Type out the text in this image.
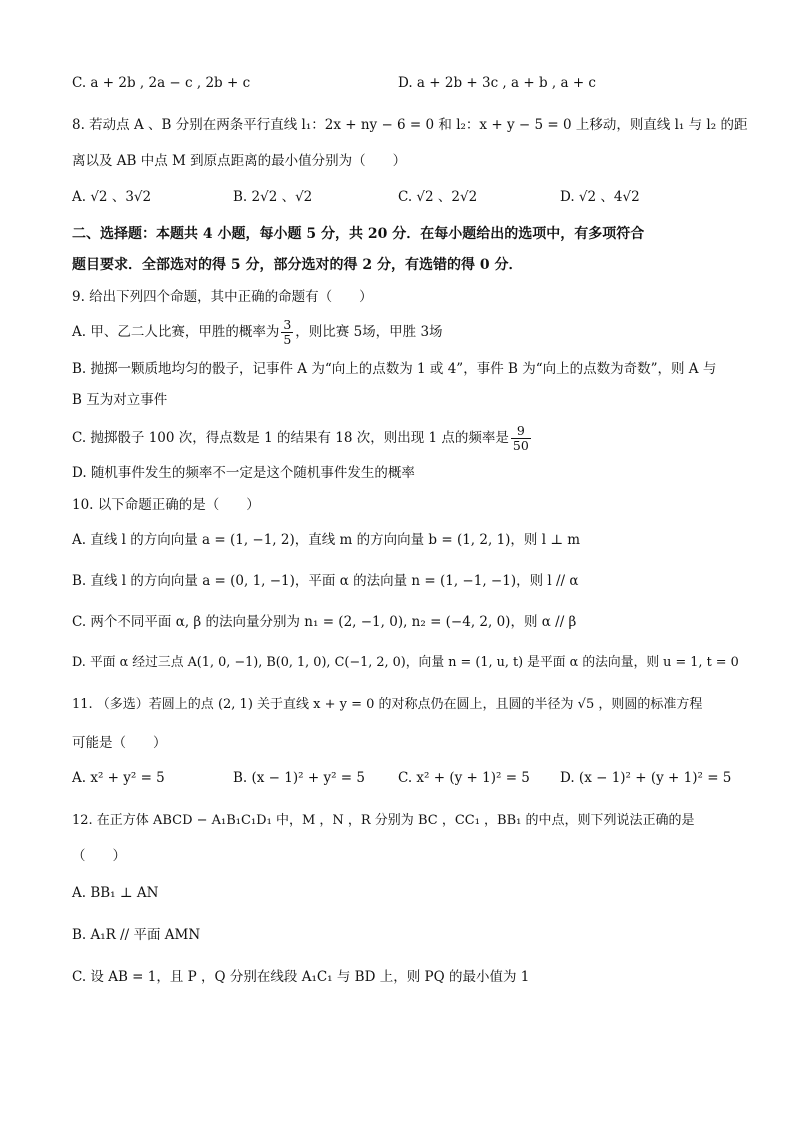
C. a + 2b , 2a − c , 2b + c	D. a + 2b + 3c , a + b , a + c
8. 若动点 A 、B 分别在两条平行直线 l₁：2x + ny − 6 = 0 和 l₂：x + y − 5 = 0 上移动，则直线 l₁ 与 l₂ 的距
离以及 AB 中点 M 到原点距离的最小值分别为（　　）
A. √2 、3√2	B. 2√2 、√2	C. √2 、2√2	D. √2 、4√2
二、选择题：本题共 4 小题，每小题 5 分，共 20 分．在每小题给出的选项中，有多项符合
题目要求．全部选对的得 5 分，部分选对的得 2 分，有选错的得 0 分．
9. 给出下列四个命题，其中正确的命题有（　　）
A. 甲、乙二人比赛，甲胜的概率为 $\frac{3}{5}$ ，则比赛 5场，甲胜 3场
B. 抛掷一颗质地均匀的骰子，记事件 A 为“向上的点数为 1 或 4”，事件 B 为“向上的点数为奇数”，则 A 与
B 互为对立事件
C. 抛掷骰子 100 次，得点数是 1 的结果有 18 次，则出现 1 点的频率是 $\frac{9}{50}$
D. 随机事件发生的频率不一定是这个随机事件发生的概率
10. 以下命题正确的是（　　）
A. 直线 l 的方向向量 a = (1, −1, 2)，直线 m 的方向向量 b = (1, 2, 1)，则 l ⊥ m
B. 直线 l 的方向向量 a = (0, 1, −1)，平面 α 的法向量 n = (1, −1, −1)，则 l // α
C. 两个不同平面 α, β 的法向量分别为 n₁ = (2, −1, 0), n₂ = (−4, 2, 0)，则 α // β
D. 平面 α 经过三点 A(1, 0, −1), B(0, 1, 0), C(−1, 2, 0)，向量 n = (1, u, t) 是平面 α 的法向量，则 u = 1, t = 0
11. （多选）若圆上的点 (2, 1) 关于直线 x + y = 0 的对称点仍在圆上，且圆的半径为 √5 ，则圆的标准方程
可能是（　　）
A. x² + y² = 5	B. (x − 1)² + y² = 5 C. x² + (y + 1)² = 5 D. (x − 1)² + (y + 1)² = 5
12. 在正方体 ABCD − A₁B₁C₁D₁ 中，M ，N ，R 分别为 BC ，CC₁ ，BB₁ 的中点，则下列说法正确的是
（　　）
A. BB₁ ⊥ AN
B. A₁R // 平面 AMN
C. 设 AB = 1，且 P ，Q 分别在线段 A₁C₁ 与 BD 上，则 PQ 的最小值为 1
